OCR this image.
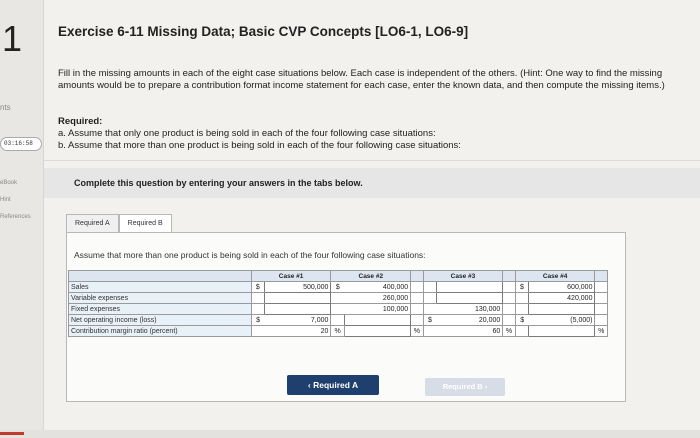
1
nts
03:16:58
eBook
Hint
References
Exercise 6-11 Missing Data; Basic CVP Concepts [LO6-1, LO6-9]
Fill in the missing amounts in each of the eight case situations below. Each case is independent of the others. (Hint: One way to find the missing amounts would be to prepare a contribution format income statement for each case, enter the known data, and then compute the missing items.)
Required:
a. Assume that only one product is being sold in each of the four following case situations:
b. Assume that more than one product is being sold in each of the four following case situations:
Complete this question by entering your answers in the tabs below.
Required A	Required B
Assume that more than one product is being sold in each of the four following case situations:
	Case #1		Case #2			Case #3			Case #4		
Sales	$	500,000	$	400,000					$	600,000	
Variable expenses				260,000						420,000	
Fixed expenses				100,000			130,000				
Net operating income (loss)	$	7,000				$	20,000		$	(5,000)	
Contribution margin ratio (percent)		20	%		%		60	%			%
‹ Required A	Required B ›
